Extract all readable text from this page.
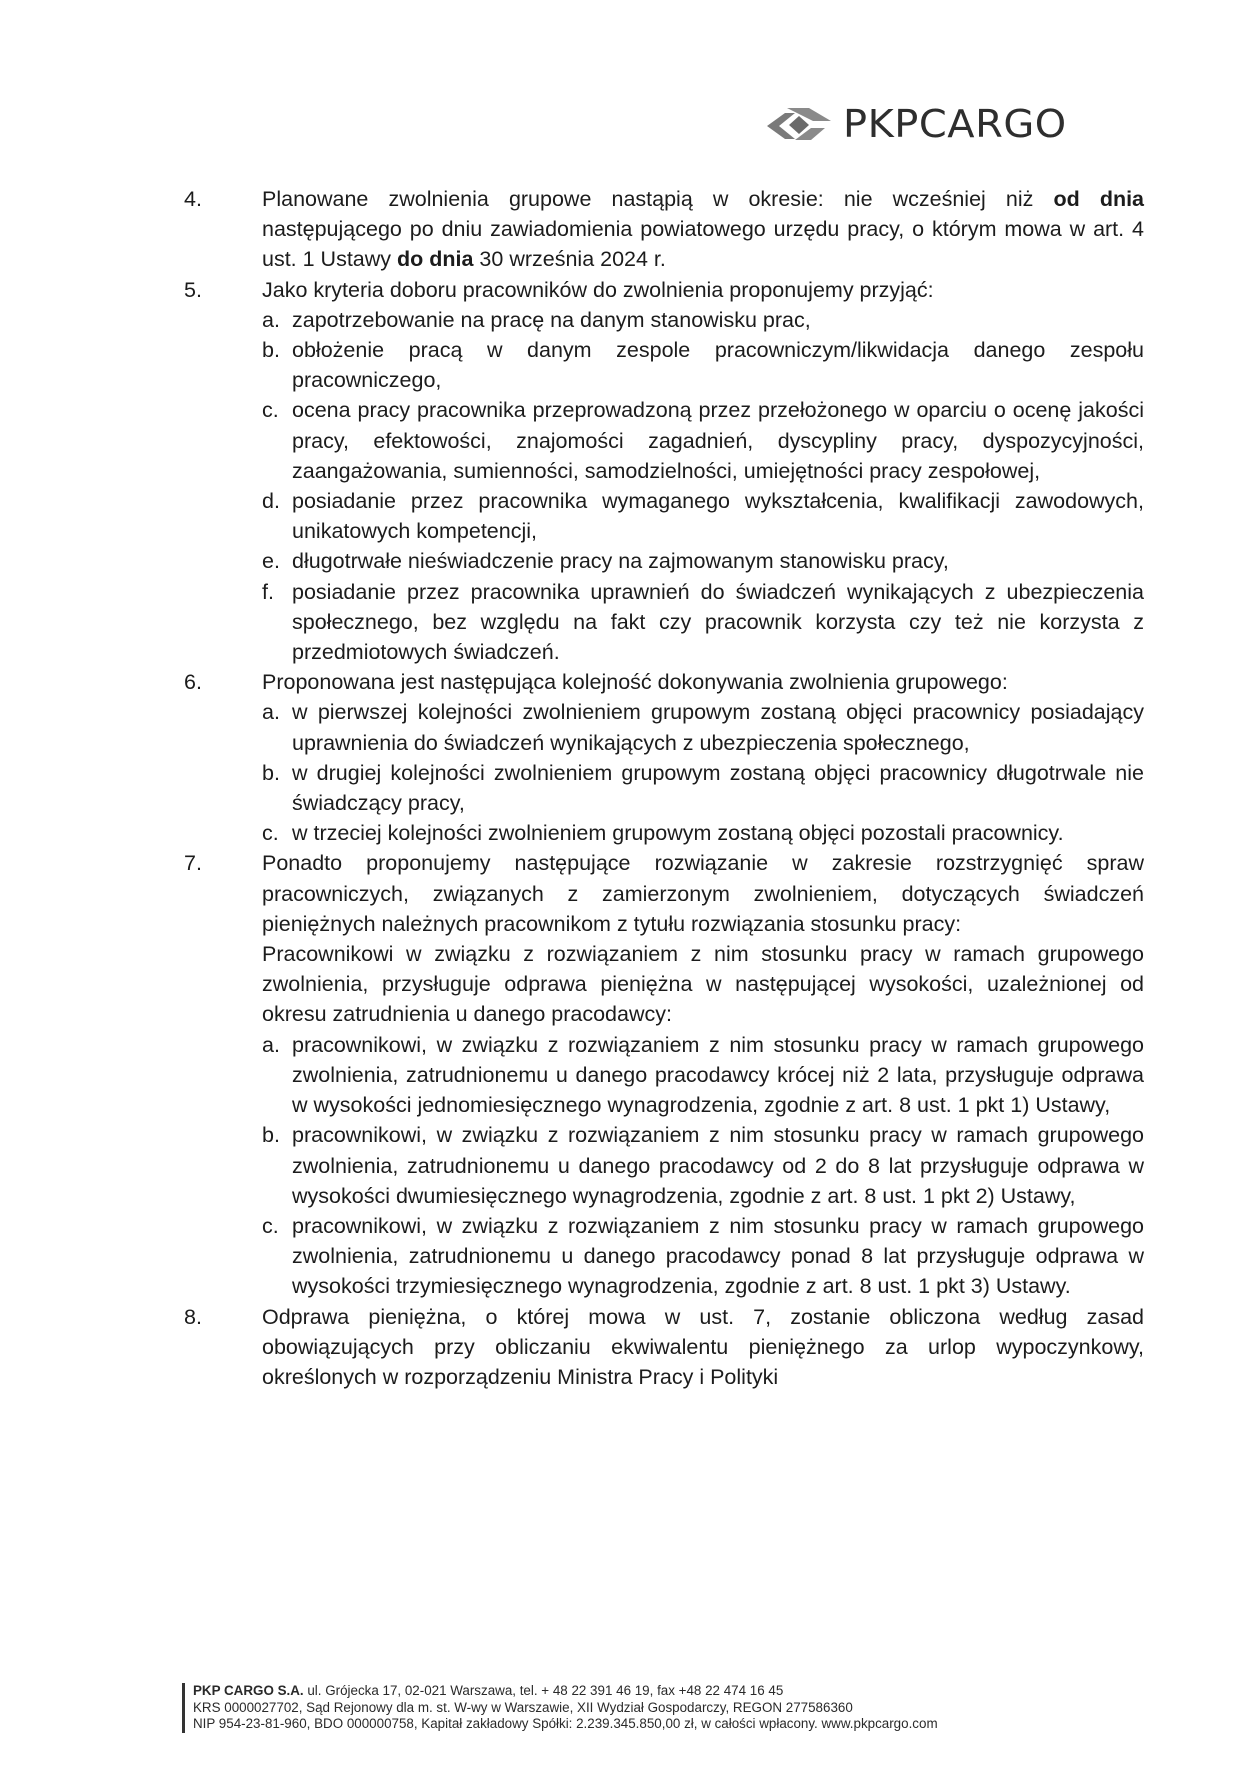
PKPCARGO
4.	Planowane zwolnienia grupowe nastąpią w okresie: nie wcześniej niż od dnia następującego po dniu zawiadomienia powiatowego urzędu pracy, o którym mowa w art. 4 ust. 1 Ustawy do dnia 30 września 2024 r.
5.	Jako kryteria doboru pracowników do zwolnienia proponujemy przyjąć:
a. zapotrzebowanie na pracę na danym stanowisku prac,
b. obłożenie pracą w danym zespole pracowniczym/likwidacja danego zespołu pracowniczego,
c. ocena pracy pracownika przeprowadzoną przez przełożonego w oparciu o ocenę jakości pracy, efektowości, znajomości zagadnień, dyscypliny pracy, dyspozycyjności, zaangażowania, sumienności, samodzielności, umiejętności pracy zespołowej,
d. posiadanie przez pracownika wymaganego wykształcenia, kwalifikacji zawodowych, unikatowych kompetencji,
e. długotrwałe nieświadczenie pracy na zajmowanym stanowisku pracy,
f. posiadanie przez pracownika uprawnień do świadczeń wynikających z ubezpieczenia społecznego, bez względu na fakt czy pracownik korzysta czy też nie korzysta z przedmiotowych świadczeń.
6.	Proponowana jest następująca kolejność dokonywania zwolnienia grupowego:
a. w pierwszej kolejności zwolnieniem grupowym zostaną objęci pracownicy posiadający uprawnienia do świadczeń wynikających z ubezpieczenia społecznego,
b. w drugiej kolejności zwolnieniem grupowym zostaną objęci pracownicy długotrwale nie świadczący pracy,
c. w trzeciej kolejności zwolnieniem grupowym zostaną objęci pozostali pracownicy.
7.	Ponadto proponujemy następujące rozwiązanie w zakresie rozstrzygnięć spraw pracowniczych, związanych z zamierzonym zwolnieniem, dotyczących świadczeń pieniężnych należnych pracownikom z tytułu rozwiązania stosunku pracy:
Pracownikowi w związku z rozwiązaniem z nim stosunku pracy w ramach grupowego zwolnienia, przysługuje odprawa pieniężna w następującej wysokości, uzależnionej od okresu zatrudnienia u danego pracodawcy:
a. pracownikowi, w związku z rozwiązaniem z nim stosunku pracy w ramach grupowego zwolnienia, zatrudnionemu u danego pracodawcy krócej niż 2 lata, przysługuje odprawa w wysokości jednomiesięcznego wynagrodzenia, zgodnie z art. 8 ust. 1 pkt 1) Ustawy,
b. pracownikowi, w związku z rozwiązaniem z nim stosunku pracy w ramach grupowego zwolnienia, zatrudnionemu u danego pracodawcy od 2 do 8 lat przysługuje odprawa w wysokości dwumiesięcznego wynagrodzenia, zgodnie z art. 8 ust. 1 pkt 2) Ustawy,
c. pracownikowi, w związku z rozwiązaniem z nim stosunku pracy w ramach grupowego zwolnienia, zatrudnionemu u danego pracodawcy ponad 8 lat przysługuje odprawa w wysokości trzymiesięcznego wynagrodzenia, zgodnie z art. 8 ust. 1 pkt 3) Ustawy.
8.	Odprawa pieniężna, o której mowa w ust. 7, zostanie obliczona według zasad obowiązujących przy obliczaniu ekwiwalentu pieniężnego za urlop wypoczynkowy, określonych w rozporządzeniu Ministra Pracy i Polityki
PKP CARGO S.A. ul. Grójecka 17, 02-021 Warszawa, tel. + 48 22 391 46 19, fax +48 22 474 16 45
KRS 0000027702, Sąd Rejonowy dla m. st. W-wy w Warszawie, XII Wydział Gospodarczy, REGON 277586360
NIP 954-23-81-960, BDO 000000758, Kapitał zakładowy Spółki: 2.239.345.850,00 zł, w całości wpłacony. www.pkpcargo.com
